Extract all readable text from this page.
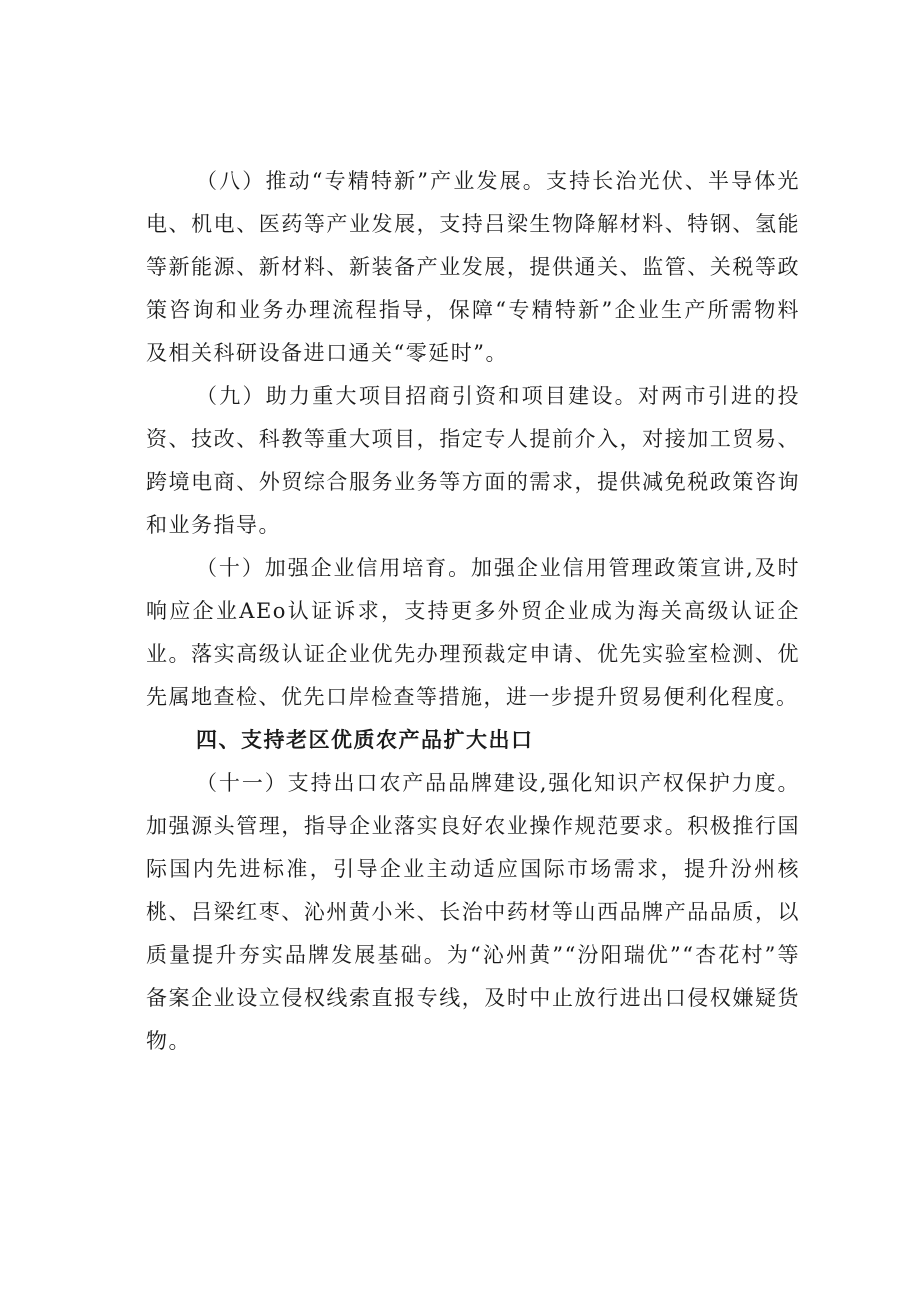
（八）推动“专精特新”产业发展。支持长治光伏、半导体光电、机电、医药等产业发展，支持吕梁生物降解材料、特钢、氢能等新能源、新材料、新装备产业发展，提供通关、监管、关税等政策咨询和业务办理流程指导，保障“专精特新”企业生产所需物料及相关科研设备进口通关“零延时”。

（九）助力重大项目招商引资和项目建设。对两市引进的投资、技改、科教等重大项目，指定专人提前介入，对接加工贸易、跨境电商、外贸综合服务业务等方面的需求，提供减免税政策咨询和业务指导。

（十）加强企业信用培育。加强企业信用管理政策宣讲,及时响应企业AEo认证诉求，支持更多外贸企业成为海关高级认证企业。落实高级认证企业优先办理预裁定申请、优先实验室检测、优先属地查检、优先口岸检查等措施，进一步提升贸易便利化程度。

四、支持老区优质农产品扩大出口

（十一）支持出口农产品品牌建设,强化知识产权保护力度。加强源头管理，指导企业落实良好农业操作规范要求。积极推行国际国内先进标准，引导企业主动适应国际市场需求，提升汾州核桃、吕梁红枣、沁州黄小米、长治中药材等山西品牌产品品质，以质量提升夯实品牌发展基础。为“沁州黄”“汾阳瑞优”“杏花村”等备案企业设立侵权线索直报专线，及时中止放行进出口侵权嫌疑货物。
